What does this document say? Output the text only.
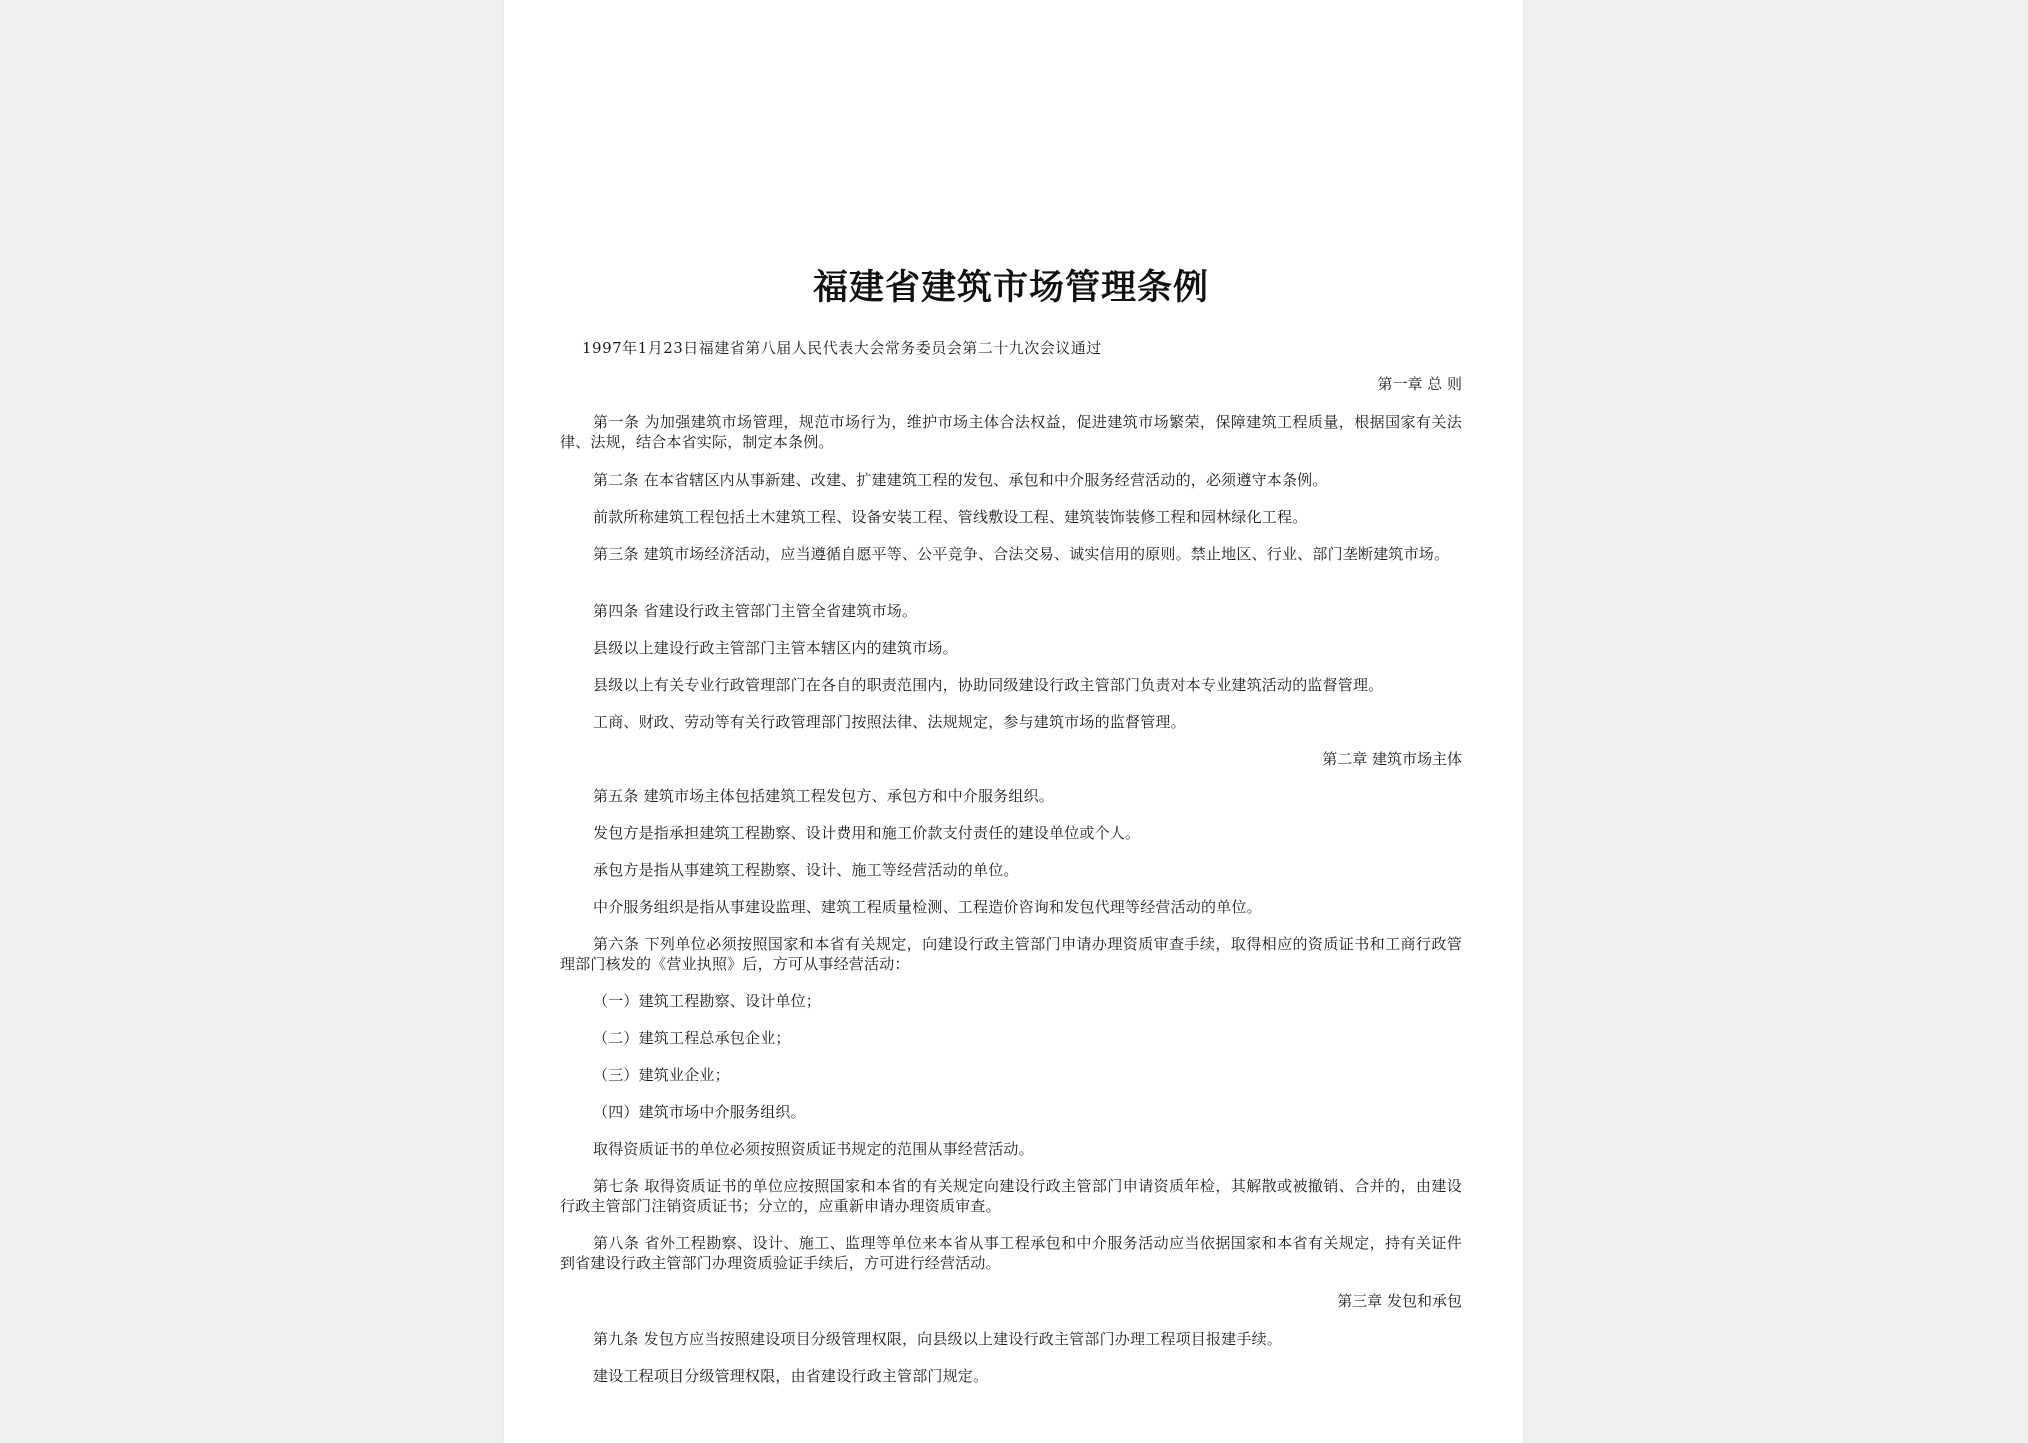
福建省建筑市场管理条例
1997年1月23日福建省第八届人民代表大会常务委员会第二十九次会议通过
第一章 总 则
第一条 为加强建筑市场管理，规范市场行为，维护市场主体合法权益，促进建筑市场繁荣，保障建筑工程质量，根据国家有关法律、法规，结合本省实际，制定本条例。
第二条 在本省辖区内从事新建、改建、扩建建筑工程的发包、承包和中介服务经营活动的，必须遵守本条例。
前款所称建筑工程包括土木建筑工程、设备安装工程、管线敷设工程、建筑装饰装修工程和园林绿化工程。
第三条 建筑市场经济活动，应当遵循自愿平等、公平竞争、合法交易、诚实信用的原则。禁止地区、行业、部门垄断建筑市场。
第四条 省建设行政主管部门主管全省建筑市场。
县级以上建设行政主管部门主管本辖区内的建筑市场。
县级以上有关专业行政管理部门在各自的职责范围内，协助同级建设行政主管部门负责对本专业建筑活动的监督管理。
工商、财政、劳动等有关行政管理部门按照法律、法规规定，参与建筑市场的监督管理。
第二章 建筑市场主体
第五条 建筑市场主体包括建筑工程发包方、承包方和中介服务组织。
发包方是指承担建筑工程勘察、设计费用和施工价款支付责任的建设单位或个人。
承包方是指从事建筑工程勘察、设计、施工等经营活动的单位。
中介服务组织是指从事建设监理、建筑工程质量检测、工程造价咨询和发包代理等经营活动的单位。
第六条 下列单位必须按照国家和本省有关规定，向建设行政主管部门申请办理资质审查手续，取得相应的资质证书和工商行政管理部门核发的《营业执照》后，方可从事经营活动：
（一）建筑工程勘察、设计单位；
（二）建筑工程总承包企业；
（三）建筑业企业；
（四）建筑市场中介服务组织。
取得资质证书的单位必须按照资质证书规定的范围从事经营活动。
第七条 取得资质证书的单位应按照国家和本省的有关规定向建设行政主管部门申请资质年检，其解散或被撤销、合并的，由建设行政主管部门注销资质证书；分立的，应重新申请办理资质审查。
第八条 省外工程勘察、设计、施工、监理等单位来本省从事工程承包和中介服务活动应当依据国家和本省有关规定，持有关证件到省建设行政主管部门办理资质验证手续后，方可进行经营活动。
第三章 发包和承包
第九条 发包方应当按照建设项目分级管理权限，向县级以上建设行政主管部门办理工程项目报建手续。
建设工程项目分级管理权限，由省建设行政主管部门规定。
